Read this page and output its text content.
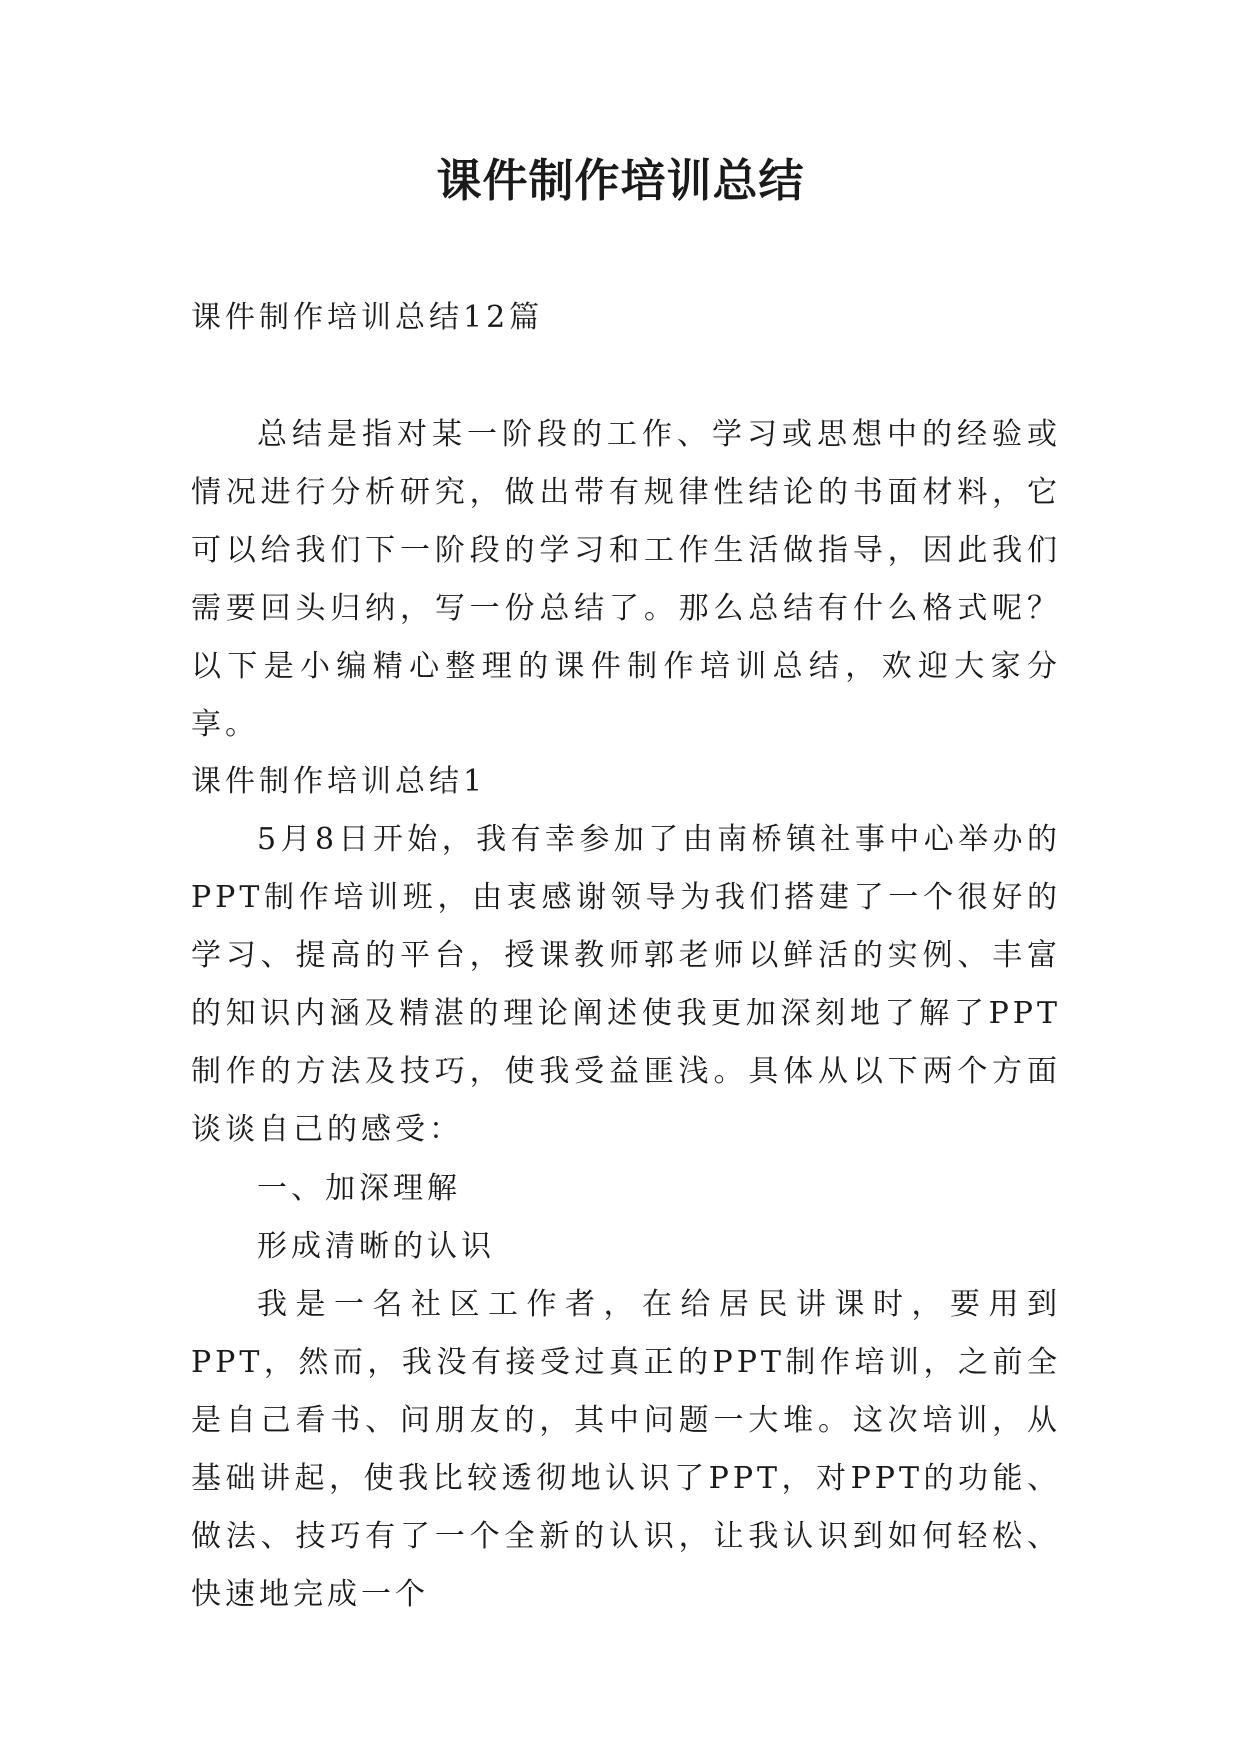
课件制作培训总结

课件制作培训总结12篇

总结是指对某一阶段的工作、学习或思想中的经验或情况进行分析研究，做出带有规律性结论的书面材料，它可以给我们下一阶段的学习和工作生活做指导，因此我们需要回头归纳，写一份总结了。那么总结有什么格式呢？以下是小编精心整理的课件制作培训总结，欢迎大家分享。

课件制作培训总结1

5月8日开始，我有幸参加了由南桥镇社事中心举办的PPT制作培训班，由衷感谢领导为我们搭建了一个很好的学习、提高的平台，授课教师郭老师以鲜活的实例、丰富的知识内涵及精湛的理论阐述使我更加深刻地了解了PPT制作的方法及技巧，使我受益匪浅。具体从以下两个方面谈谈自己的感受：

一、加深理解

形成清晰的认识

我是一名社区工作者，在给居民讲课时，要用到PPT，然而，我没有接受过真正的PPT制作培训，之前全是自己看书、问朋友的，其中问题一大堆。这次培训，从基础讲起，使我比较透彻地认识了PPT，对PPT的功能、做法、技巧有了一个全新的认识，让我认识到如何轻松、快速地完成一个
